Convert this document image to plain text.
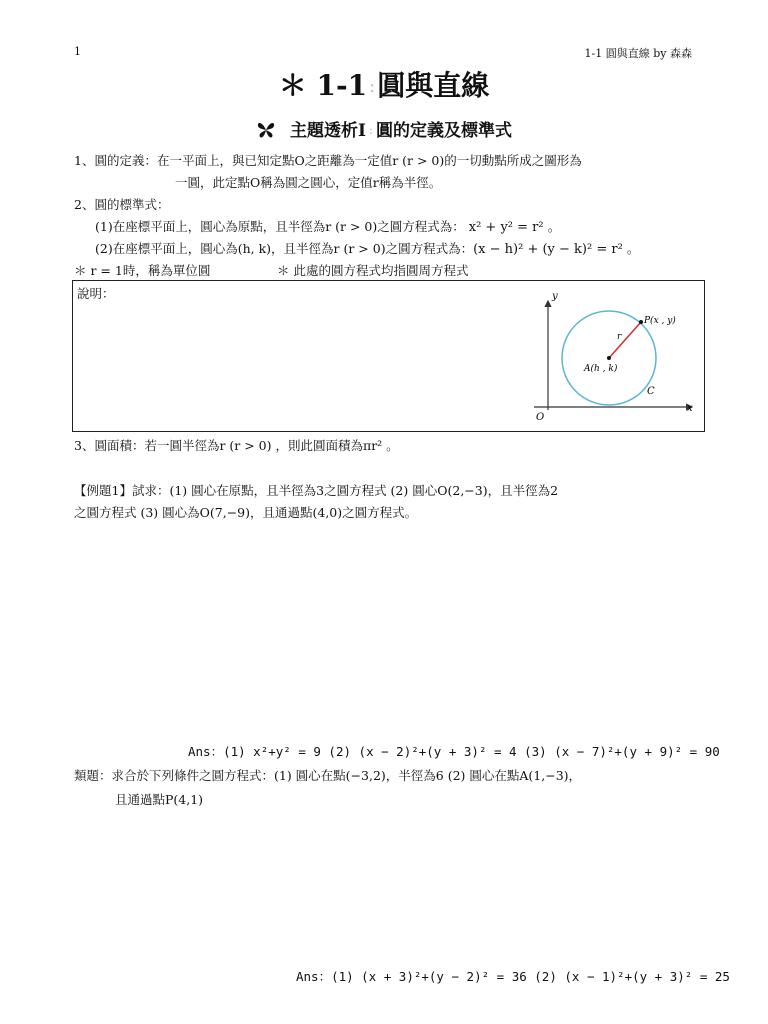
1	1-1 圓與直線 by 森森
＊ 1-1 :圓與直線
主題透析Ⅰ : 圓的定義及標準式
1、圓的定義：在一平面上，與已知定點O之距離為一定值r (r > 0)的一切動點所成之圖形為
一圓，此定點O稱為圓之圓心，定值r稱為半徑。
2、圓的標準式：
(1)在座標平面上，圓心為原點，且半徑為r (r > 0)之圓方程式為： x² + y² = r² 。
(2)在座標平面上，圓心為(h, k)，且半徑為r (r > 0)之圓方程式為：(x − h)² + (y − k)² = r² 。
＊ r = 1時，稱為單位圓	＊ 此處的圓方程式均指圓周方程式
說明：	y
x
O
P(x , y)
r
A(h , k)
C
3、圓面積：若一圓半徑為r (r > 0) ，則此圓面積為πr² 。
【例題1】試求：(1) 圓心在原點，且半徑為3之圓方程式 (2) 圓心O(2,−3)，且半徑為2
之圓方程式 (3) 圓心為O(7,−9)，且通過點(4,0)之圓方程式。
Ans：(1) x²+y² = 9 (2) (x − 2)²+(y + 3)² = 4 (3) (x − 7)²+(y + 9)² = 90
類題：求合於下列條件之圓方程式：(1) 圓心在點(−3,2)，半徑為6 (2) 圓心在點A(1,−3)，
且通過點P(4,1)
Ans：(1) (x + 3)²+(y − 2)² = 36 (2) (x − 1)²+(y + 3)² = 25
